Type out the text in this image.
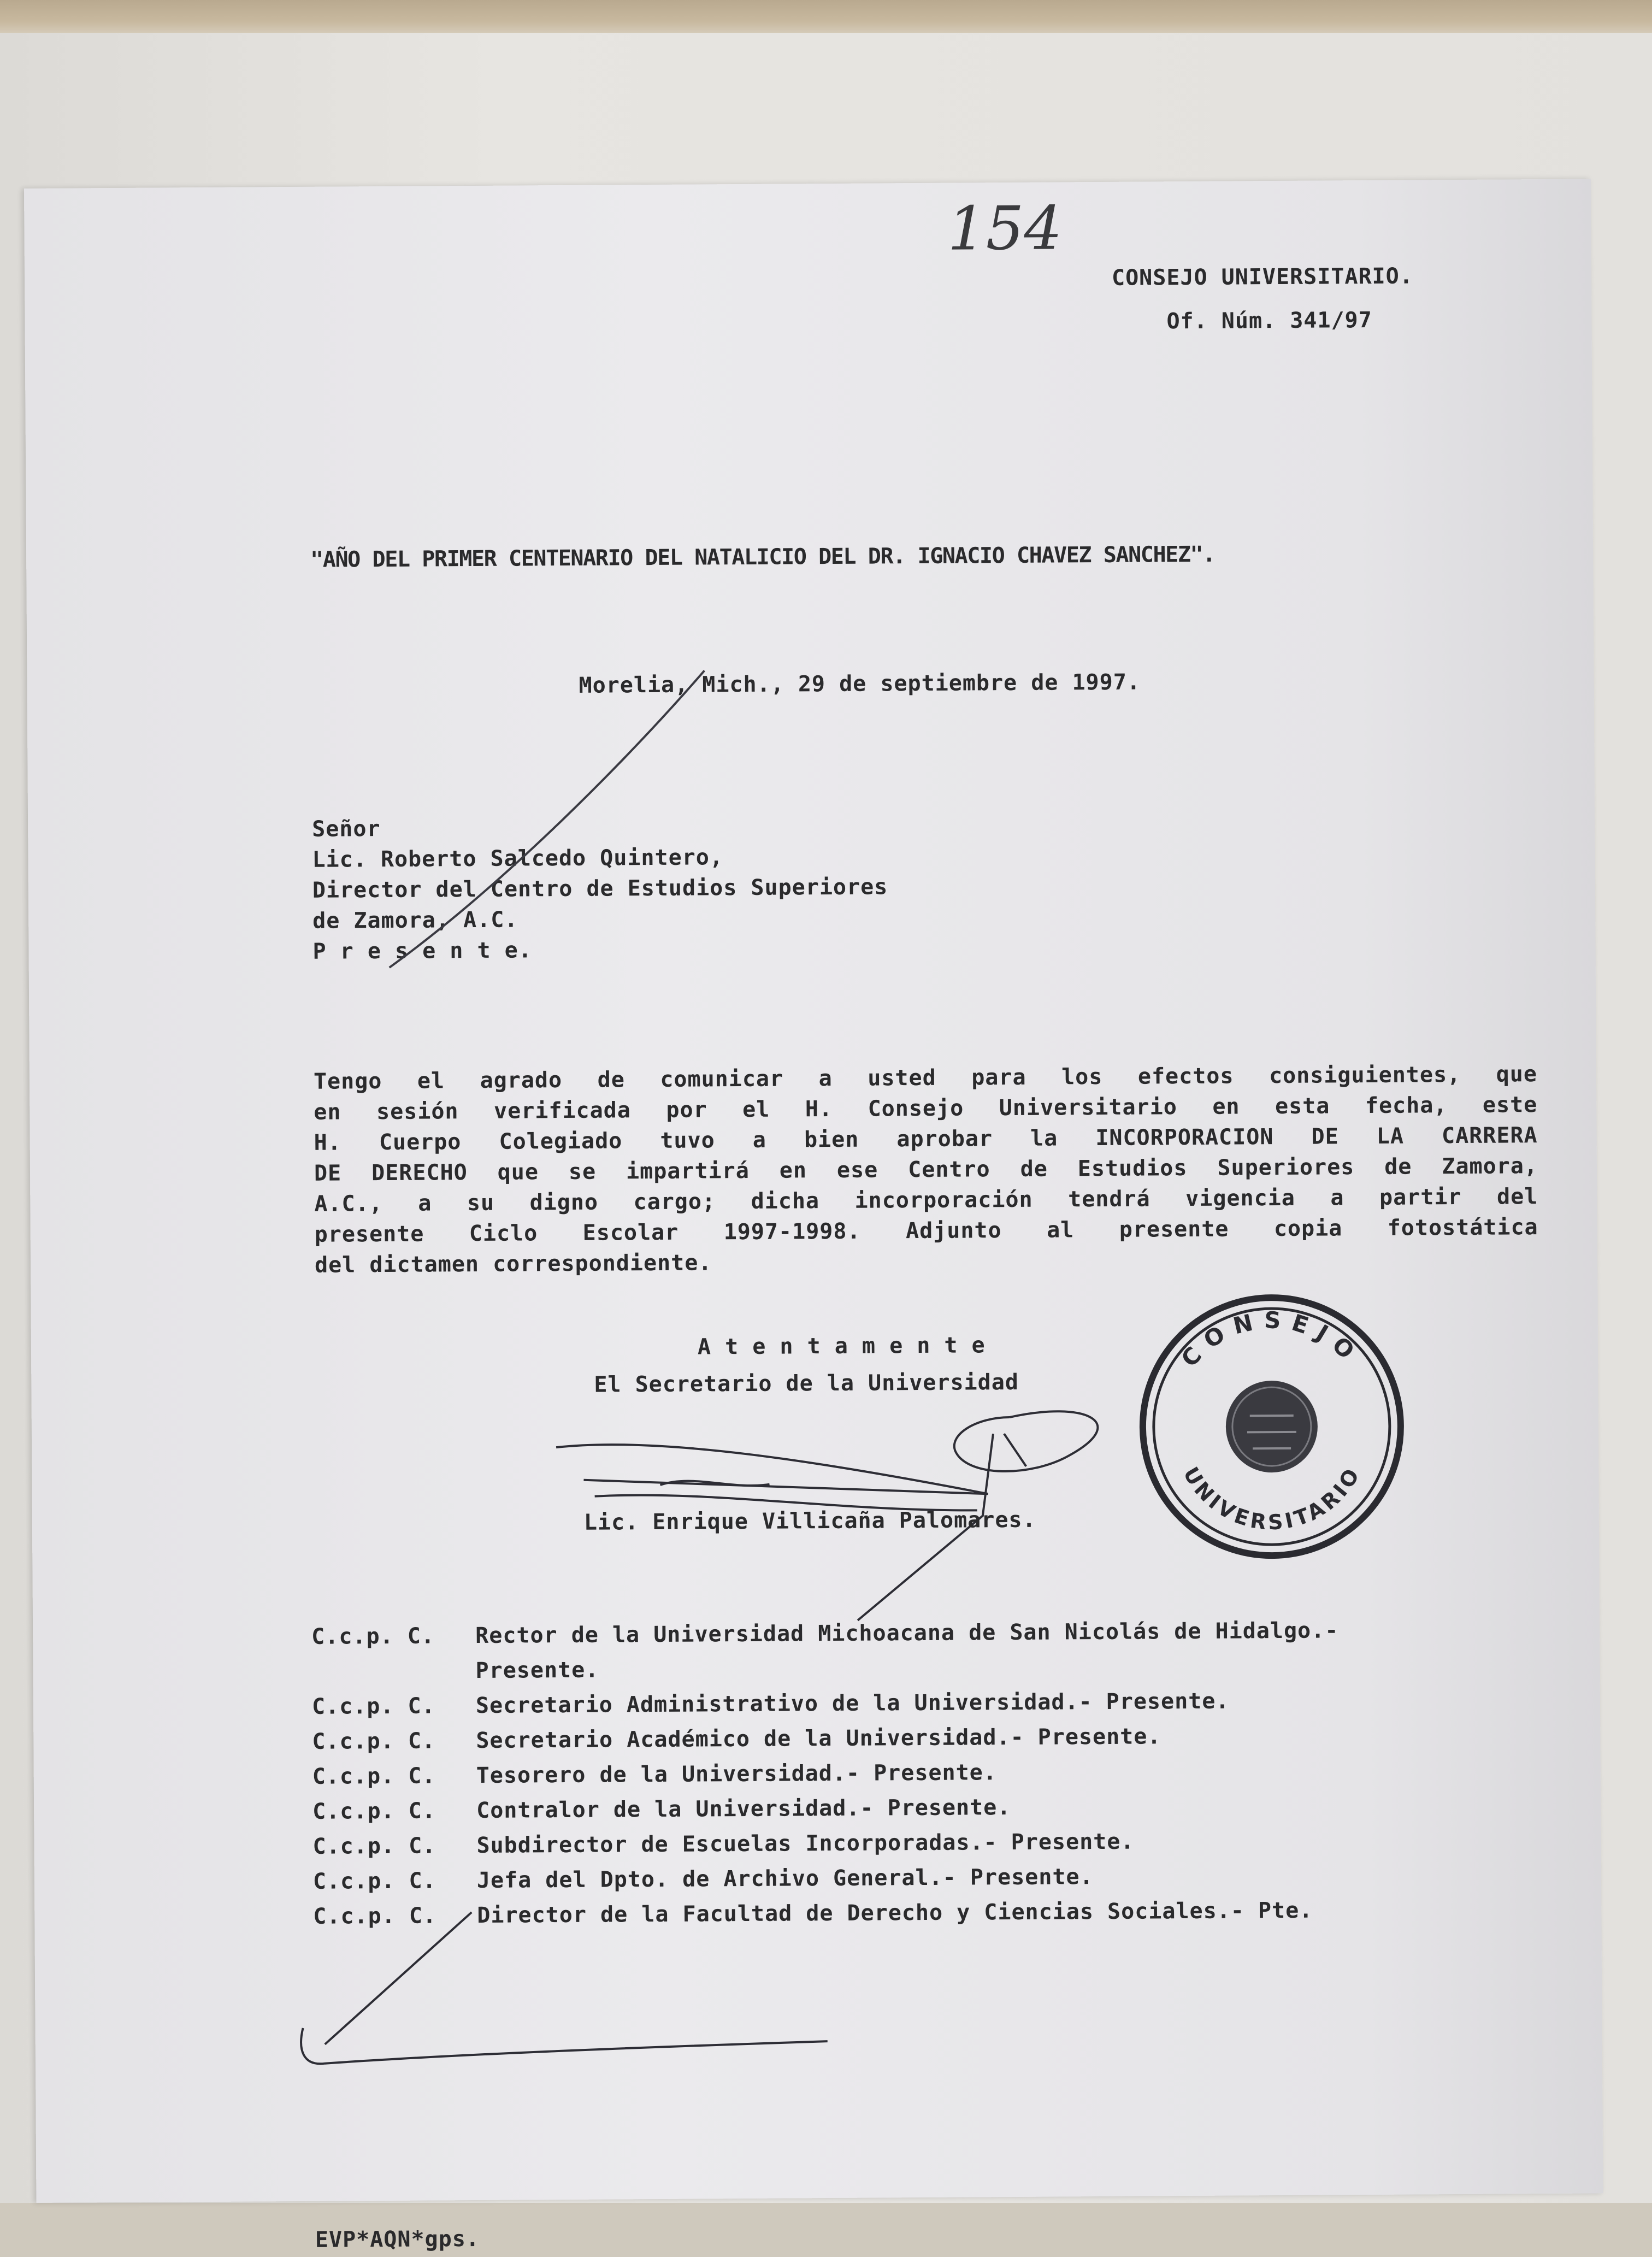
154
CONSEJO UNIVERSITARIO.
Of. Núm. 341/97
"AÑO DEL PRIMER CENTENARIO DEL NATALICIO DEL DR. IGNACIO CHAVEZ SANCHEZ".
Morelia, Mich., 29 de septiembre de 1997.
Señor
Lic. Roberto Salcedo Quintero,
Director del Centro de Estudios Superiores
de Zamora, A.C.
P r e s e n t e.
Tengo el agrado de comunicar a usted para los efectos consiguientes, que
en sesión verificada por el H. Consejo Universitario en esta fecha, este
H. Cuerpo Colegiado tuvo a bien aprobar la INCORPORACION DE LA CARRERA
DE DERECHO que se impartirá en ese Centro de Estudios Superiores de Zamora,
A.C., a su digno cargo; dicha incorporación tendrá vigencia a partir del
presente Ciclo Escolar 1997-1998. Adjunto al presente copia fotostática
del dictamen correspondiente.
A t e n t a m e n t e
El Secretario de la Universidad
Lic. Enrique Villicaña Palomares.
CONSEJO
UNIVERSITARIO
C.c.p. C. Rector de la Universidad Michoacana de San Nicolás de Hidalgo.-
Presente.
C.c.p. C. Secretario Administrativo de la Universidad.- Presente.
C.c.p. C. Secretario Académico de la Universidad.- Presente.
C.c.p. C. Tesorero de la Universidad.- Presente.
C.c.p. C. Contralor de la Universidad.- Presente.
C.c.p. C. Subdirector de Escuelas Incorporadas.- Presente.
C.c.p. C. Jefa del Dpto. de Archivo General.- Presente.
C.c.p. C. Director de la Facultad de Derecho y Ciencias Sociales.- Pte.
EVP*AQN*gps.
